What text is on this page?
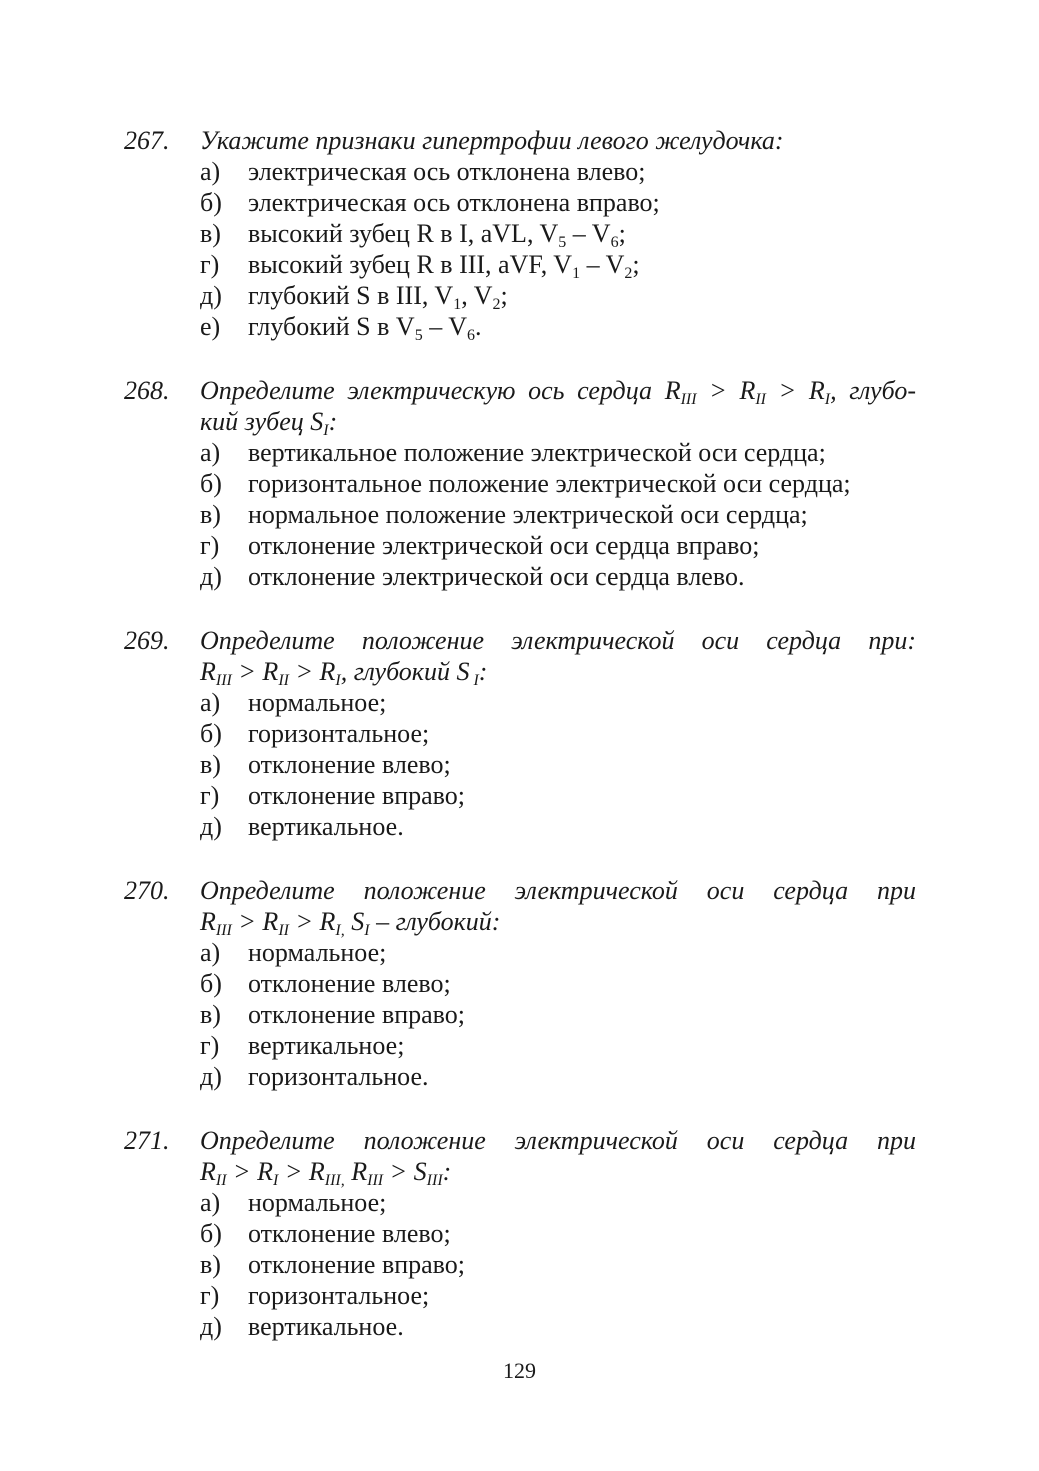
267.	Укажите признаки гипертрофии левого желудочка:
а) электрическая ось отклонена влево;
б) электрическая ось отклонена вправо;
в) высокий зубец R в I, aVL, $V_5 - V_6$;
г) высокий зубец R в III, aVF, $V_1 - V_2$;
д) глубокий S в III, $V_1$, $V_2$;
е) глубокий S в $V_5 - V_6$.
268.	Определите электрическую ось сердца $R_{III} > R_{II} > R_I$, глубо-
кий зубец $S_I$:
а) вертикальное положение электрической оси сердца;
б) горизонтальное положение электрической оси сердца;
в) нормальное положение электрической оси сердца;
г) отклонение электрической оси сердца вправо;
д) отклонение электрической оси сердца влево.
269.	Определите положение электрической оси сердца при:
$R_{III} > R_{II} > R_I$, глубокий S $_I$:
а) нормальное;
б) горизонтальное;
в) отклонение влево;
г) отклонение вправо;
д) вертикальное.
270.	Определите положение электрической оси сердца при
$R_{III} > R_{II} > R_{I,}$ $S_I$ – глубокий:
а) нормальное;
б) отклонение влево;
в) отклонение вправо;
г) вертикальное;
д) горизонтальное.
271.	Определите положение электрической оси сердца при
$R_{II} > R_I > R_{III,}$ $R_{III} > S_{III}$:
а) нормальное;
б) отклонение влево;
в) отклонение вправо;
г) горизонтальное;
д) вертикальное.
129
